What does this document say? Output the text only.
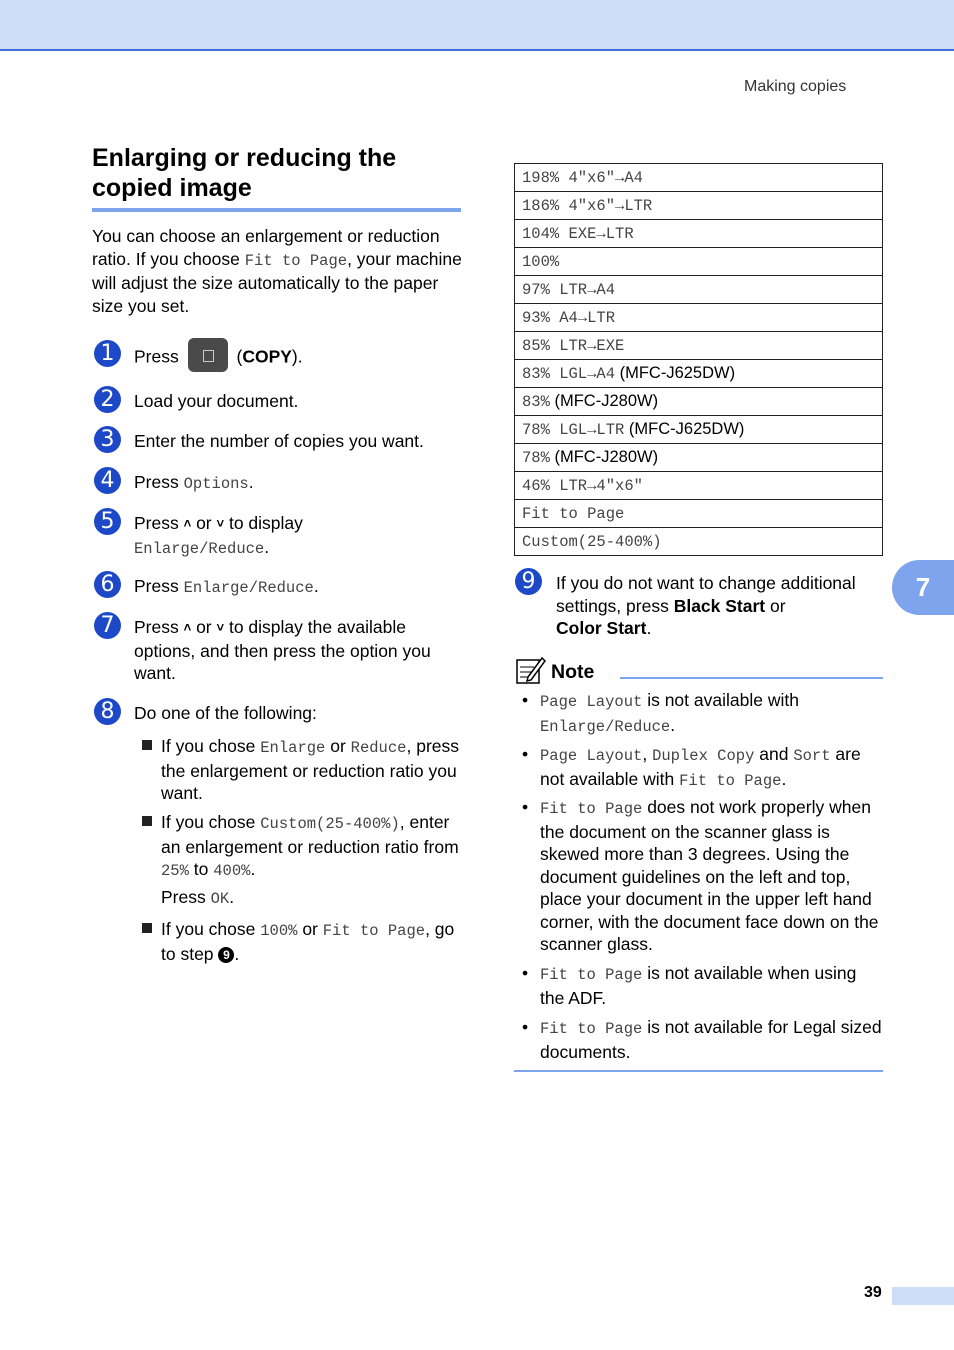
Making copies
Enlarging or reducing the copied image
You can choose an enlargement or reduction ratio. If you choose Fit to Page, your machine will adjust the size automatically to the paper size you set.
1	Press	(COPY).
2	Load your document.
3	Enter the number of copies you want.
4	Press Options.
5	Press ˄ or ˅ to display
Enlarge/Reduce.
6	Press Enlarge/Reduce.
7	Press ˄ or ˅ to display the available options, and then press the option you want.
8	Do one of the following:
If you chose Enlarge or Reduce, press the enlargement or reduction ratio you want.
If you chose Custom(25-400%), enter an enlargement or reduction ratio from 25% to 400%.
Press OK.
If you chose 100% or Fit to Page, go to step 9 .
198% 4"x6"→A4
186% 4"x6"→LTR
104% EXE→LTR
100%
97% LTR→A4
93% A4→LTR
85% LTR→EXE
83% LGL→A4 (MFC-J625DW)
83% (MFC-J280W)
78% LGL→LTR (MFC-J625DW)
78% (MFC-J280W)
46% LTR→4"x6"
Fit to Page
Custom(25-400%)
7
9	If you do not want to change additional settings, press Black Start or
Color Start.
Note
• Page Layout is not available with Enlarge/Reduce.
• Page Layout, Duplex Copy and Sort are not available with Fit to Page.
• Fit to Page does not work properly when the document on the scanner glass is skewed more than 3 degrees. Using the document guidelines on the left and top, place your document in the upper left hand corner, with the document face down on the scanner glass.
• Fit to Page is not available when using the ADF.
• Fit to Page is not available for Legal sized documents.
39
